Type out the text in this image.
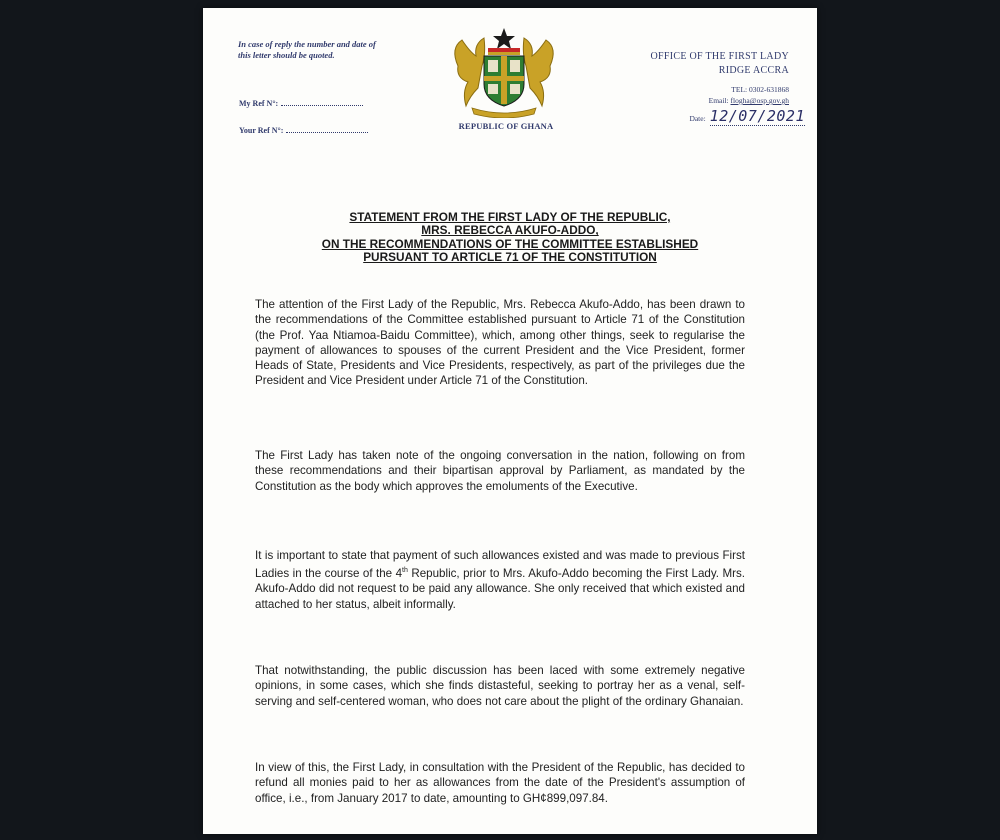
In case of reply the number and date of this letter should be quoted.
My Ref N°:
Your Ref N°:	REPUBLIC OF GHANA
OFFICE OF THE FIRST LADY
RIDGE ACCRA
TEL: 0302-631868
Email: flogha@osp.gov.gh
Date: 12/07/2021
STATEMENT FROM THE FIRST LADY OF THE REPUBLIC,
MRS. REBECCA AKUFO-ADDO,
ON THE RECOMMENDATIONS OF THE COMMITTEE ESTABLISHED
PURSUANT TO ARTICLE 71 OF THE CONSTITUTION

The attention of the First Lady of the Republic, Mrs. Rebecca Akufo-Addo, has been drawn to the recommendations of the Committee established pursuant to Article 71 of the Constitution (the Prof. Yaa Ntiamoa-Baidu Committee), which, among other things, seek to regularise the payment of allowances to spouses of the current President and the Vice President, former Heads of State, Presidents and Vice Presidents, respectively, as part of the privileges due the President and Vice President under Article 71 of the Constitution.

The First Lady has taken note of the ongoing conversation in the nation, following on from these recommendations and their bipartisan approval by Parliament, as mandated by the Constitution as the body which approves the emoluments of the Executive.

It is important to state that payment of such allowances existed and was made to previous First Ladies in the course of the 4th Republic, prior to Mrs. Akufo-Addo becoming the First Lady. Mrs. Akufo-Addo did not request to be paid any allowance. She only received that which existed and attached to her status, albeit informally.

That notwithstanding, the public discussion has been laced with some extremely negative opinions, in some cases, which she finds distasteful, seeking to portray her as a venal, self-serving and self-centered woman, who does not care about the plight of the ordinary Ghanaian.

In view of this, the First Lady, in consultation with the President of the Republic, has decided to refund all monies paid to her as allowances from the date of the President's assumption of office, i.e., from January 2017 to date, amounting to GH¢899,097.84.
